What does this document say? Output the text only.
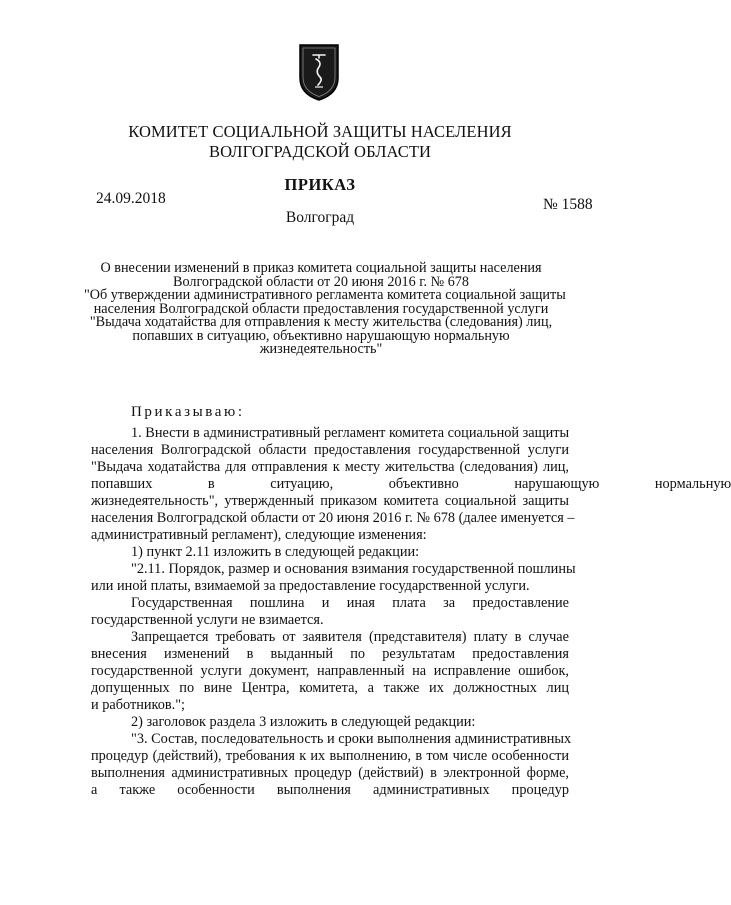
КОМИТЕТ СОЦИАЛЬНОЙ ЗАЩИТЫ НАСЕЛЕНИЯ
ВОЛГОГРАДСКОЙ ОБЛАСТИ
ПРИКАЗ
24.09.2018	№ 1588
Волгоград
О внесении изменений в приказ комитета социальной защиты населения
Волгоградской области от 20 июня 2016 г. № 678
"Об утверждении административного регламента комитета социальной защиты
населения Волгоградской области предоставления государственной услуги
"Выдача ходатайства для отправления к месту жительства (следования) лиц,
попавших в ситуацию, объективно нарушающую нормальную
жизнедеятельность"
Приказываю:
1. Внести в административный регламент комитета социальной защиты
населения Волгоградской области предоставления государственной услуги
"Выдача ходатайства для отправления к месту жительства (следования) лиц,
попавших в ситуацию, объективно нарушающую нормальную
жизнедеятельность", утвержденный приказом комитета социальной защиты
населения Волгоградской области от 20 июня 2016 г. № 678 (далее именуется –
административный регламент), следующие изменения:
1) пункт 2.11 изложить в следующей редакции:
"2.11. Порядок, размер и основания взимания государственной пошлины
или иной платы, взимаемой за предоставление государственной услуги.
Государственная пошлина и иная плата за предоставление
государственной услуги не взимается.
Запрещается требовать от заявителя (представителя) плату в случае
внесения изменений в выданный по результатам предоставления
государственной услуги документ, направленный на исправление ошибок,
допущенных по вине Центра, комитета, а также их должностных лиц
и работников.";
2) заголовок раздела 3 изложить в следующей редакции:
"3. Состав, последовательность и сроки выполнения административных
процедур (действий), требования к их выполнению, в том числе особенности
выполнения административных процедур (действий) в электронной форме,
а также особенности выполнения административных процедур
